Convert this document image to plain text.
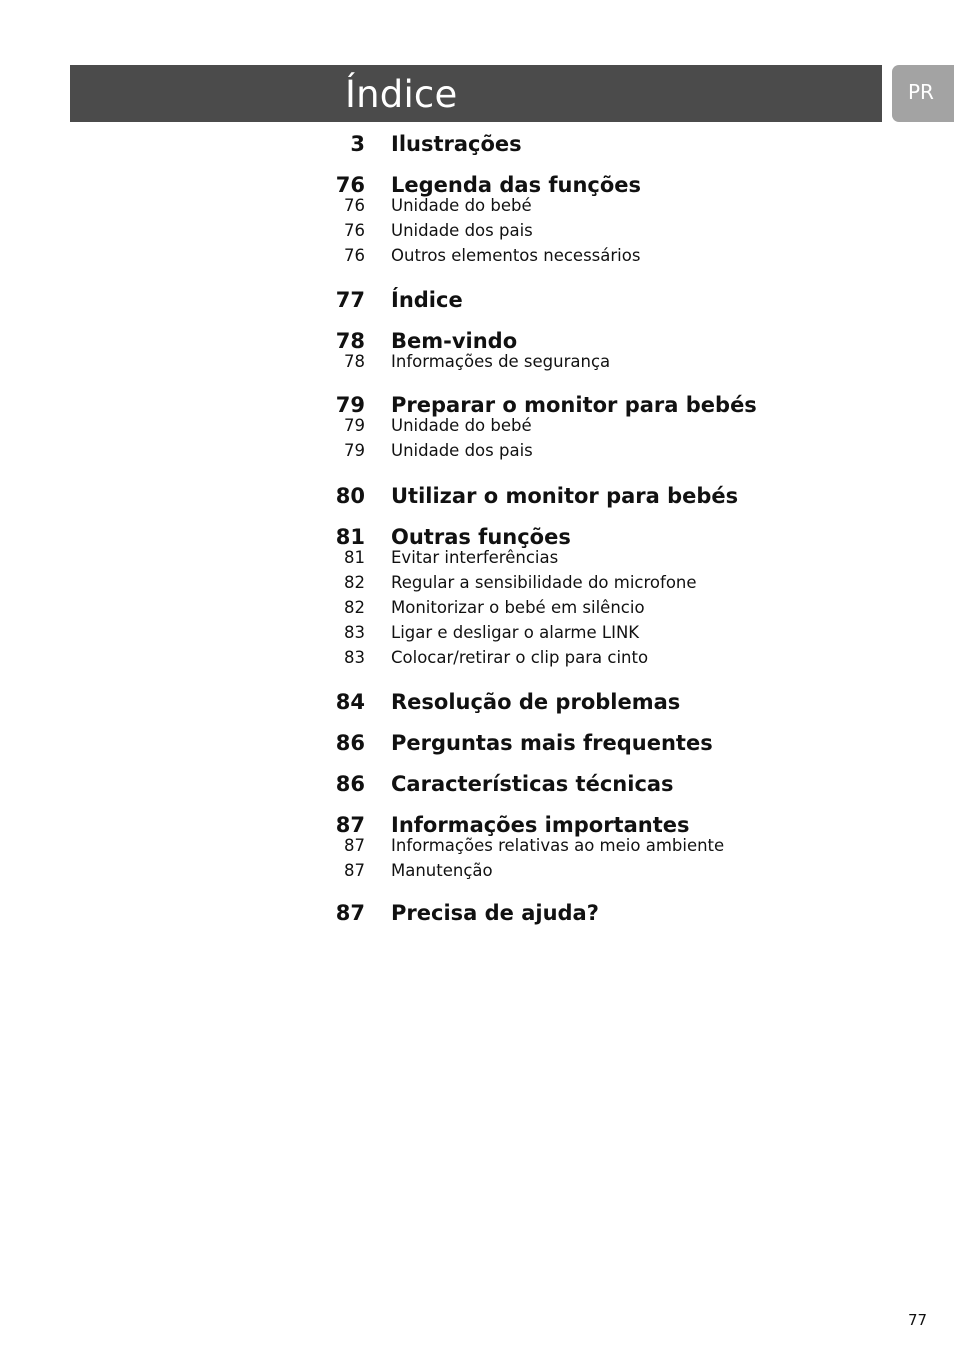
Índice	PR
3 Ilustrações
76 Legenda das funções
76 Unidade do bebé
76 Unidade dos pais
76 Outros elementos necessários
77 Índice
78 Bem-vindo
78 Informações de segurança
79 Preparar o monitor para bebés
79 Unidade do bebé
79 Unidade dos pais
80 Utilizar o monitor para bebés
81 Outras funções
81 Evitar interferências
82 Regular a sensibilidade do microfone
82 Monitorizar o bebé em silêncio
83 Ligar e desligar o alarme LINK
83 Colocar/retirar o clip para cinto
84 Resolução de problemas
86 Perguntas mais frequentes
86 Características técnicas
87 Informações importantes
87 Informações relativas ao meio ambiente
87 Manutenção
87 Precisa de ajuda?
77
